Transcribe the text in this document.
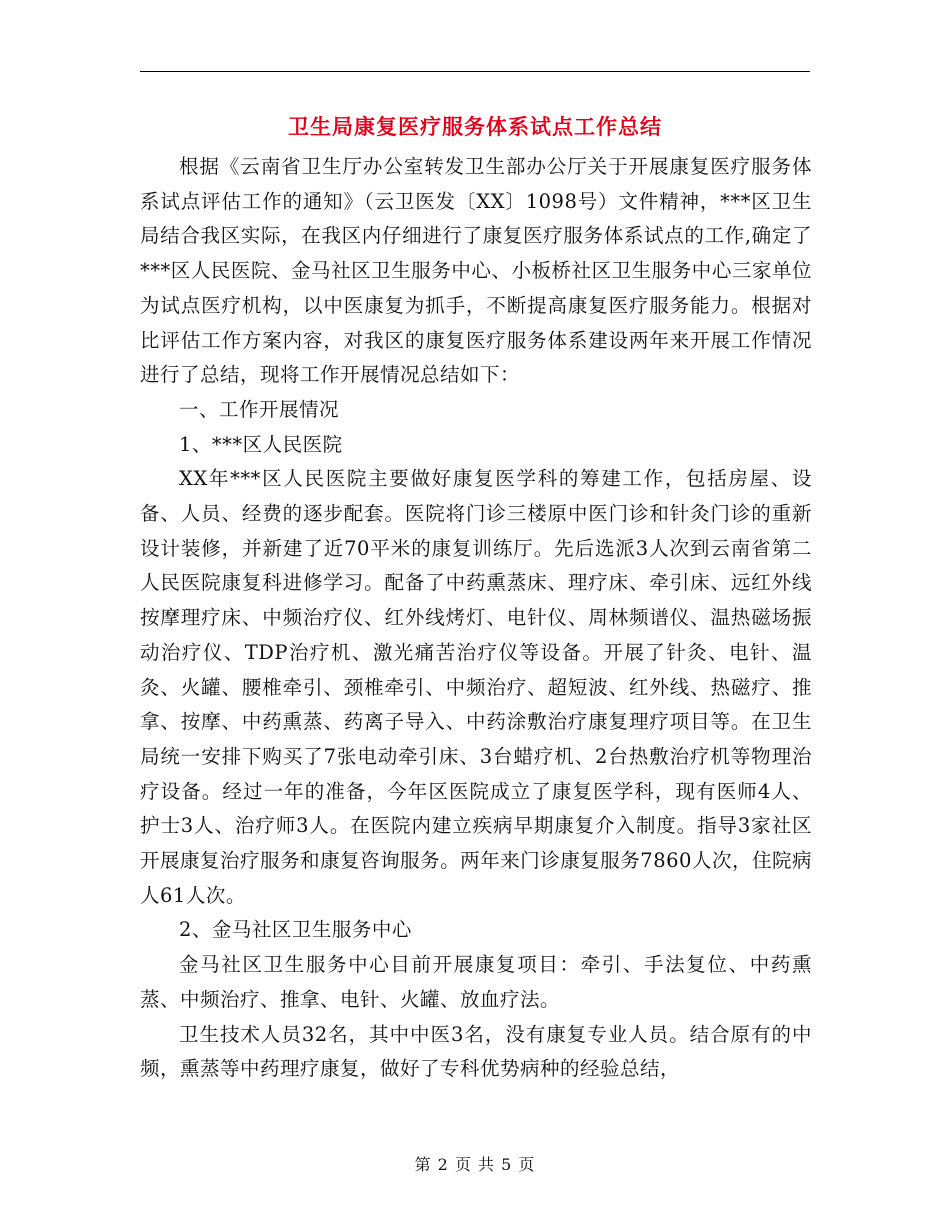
卫生局康复医疗服务体系试点工作总结

根据《云南省卫生厅办公室转发卫生部办公厅关于开展康复医疗服务体系试点评估工作的通知》（云卫医发〔XX〕1098号）文件精神，***区卫生局结合我区实际，在我区内仔细进行了康复医疗服务体系试点的工作,确定了***区人民医院、金马社区卫生服务中心、小板桥社区卫生服务中心三家单位为试点医疗机构，以中医康复为抓手，不断提高康复医疗服务能力。根据对比评估工作方案内容，对我区的康复医疗服务体系建设两年来开展工作情况进行了总结，现将工作开展情况总结如下：

一、工作开展情况

1、***区人民医院

XX年***区人民医院主要做好康复医学科的筹建工作，包括房屋、设备、人员、经费的逐步配套。医院将门诊三楼原中医门诊和针灸门诊的重新设计装修，并新建了近70平米的康复训练厅。先后选派3人次到云南省第二人民医院康复科进修学习。配备了中药熏蒸床、理疗床、牵引床、远红外线按摩理疗床、中频治疗仪、红外线烤灯、电针仪、周林频谱仪、温热磁场振动治疗仪、TDP治疗机、激光痛苦治疗仪等设备。开展了针灸、电针、温灸、火罐、腰椎牵引、颈椎牵引、中频治疗、超短波、红外线、热磁疗、推拿、按摩、中药熏蒸、药离子导入、中药涂敷治疗康复理疗项目等。在卫生局统一安排下购买了7张电动牵引床、3台蜡疗机、2台热敷治疗机等物理治疗设备。经过一年的准备，今年区医院成立了康复医学科，现有医师4人、护士3人、治疗师3人。在医院内建立疾病早期康复介入制度。指导3家社区开展康复治疗服务和康复咨询服务。两年来门诊康复服务7860人次，住院病人61人次。

2、金马社区卫生服务中心

金马社区卫生服务中心目前开展康复项目：牵引、手法复位、中药熏蒸、中频治疗、推拿、电针、火罐、放血疗法。

卫生技术人员32名，其中中医3名，没有康复专业人员。结合原有的中频，熏蒸等中药理疗康复，做好了专科优势病种的经验总结，

第 2 页 共 5 页
